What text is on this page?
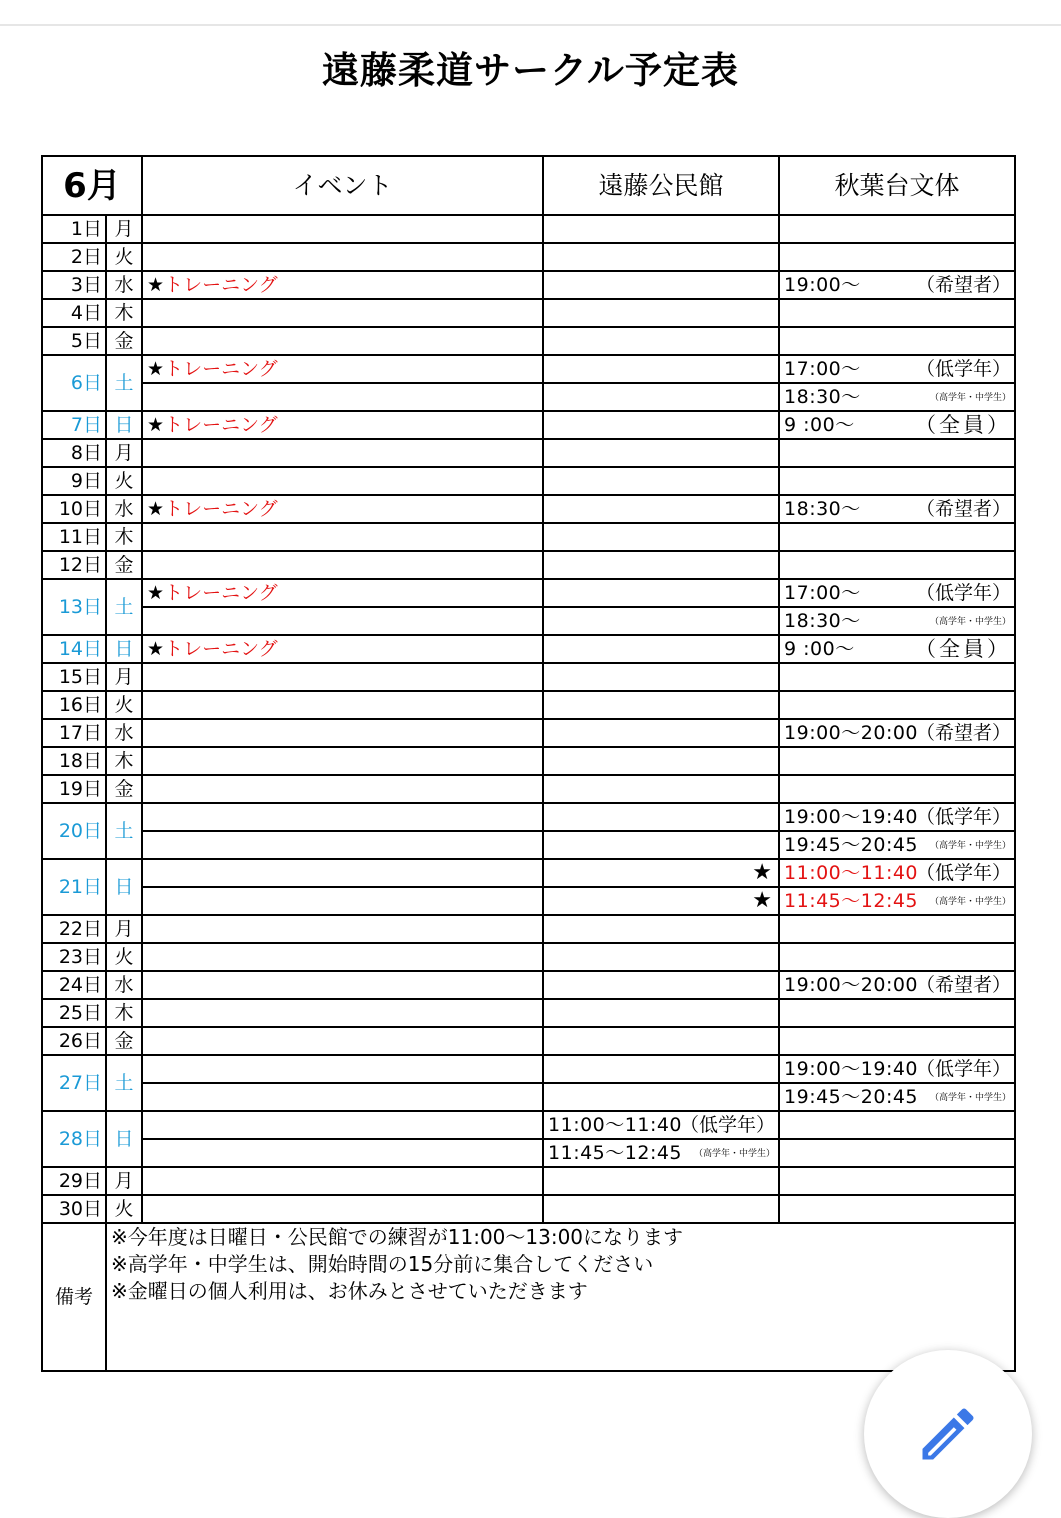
遠藤柔道サークル予定表
6月		イベント	遠藤公民館	秋葉台文体
1日	月			
2日	火			
3日	水	★トレーニング		19:00〜 （希望者）

4日	木			
5日	金			
6日	土	★トレーニング		17:00〜 （低学年）

				18:30〜 （高学年・中学生）

7日	日	★トレーニング		9 :00〜 （全員）

8日	月			
9日	火			
10日	水	★トレーニング		18:30〜 （希望者）

11日	木			
12日	金			
13日	土	★トレーニング		17:00〜 （低学年）

				18:30〜 （高学年・中学生）

14日	日	★トレーニング		9 :00〜 （全員）

15日	月			
16日	火			
17日	水			19:00〜20:00
（希望者）

18日	木			
19日	金			
20日	土			19:00〜19:40
（低学年）

				19:45〜20:45 （高学年・中学生）

21日	日		★	11:00〜11:40
（低学年）

			★	11:45〜12:45 （高学年・中学生）

22日	月			
23日	火			
24日	水			19:00〜20:00
（希望者）

25日	木			
26日	金			
27日	土			19:00〜19:40
（低学年）

				19:45〜20:45 （高学年・中学生）

28日	日		11:00〜11:40
（低学年）	

			11:45〜12:45 （高学年・中学生）	

29日	月			
30日	火			
備考	※今年度は日曜日・公民館での練習が11:00〜13:00になります
※高学年・中学生は、開始時間の15分前に集合してください
※金曜日の個人利用は、お休みとさせていただきます			
